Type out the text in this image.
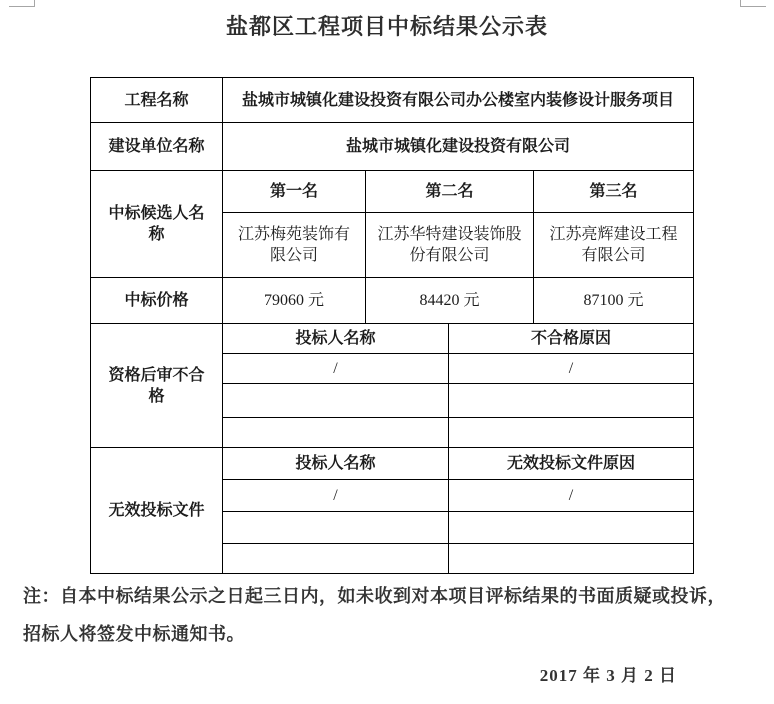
盐都区工程项目中标结果公示表
工程名称	盐城市城镇化建设投资有限公司办公楼室内装修设计服务项目			
建设单位名称	盐城市城镇化建设投资有限公司			
中标候选人名称	第一名	第二名		第三名
	江苏梅苑装饰有限公司	江苏华特建设装饰股份有限公司		江苏亮辉建设工程有限公司
中标价格	79060 元	84420 元		87100 元
资格后审不合格	投标人名称		不合格原因	
	/		/	

无效投标文件	投标人名称		无效投标文件原因	
	/		/	

注：自本中标结果公示之日起三日内，如未收到对本项目评标结果的书面质疑或投诉，
招标人将签发中标通知书。
2017 年 3 月 2 日
